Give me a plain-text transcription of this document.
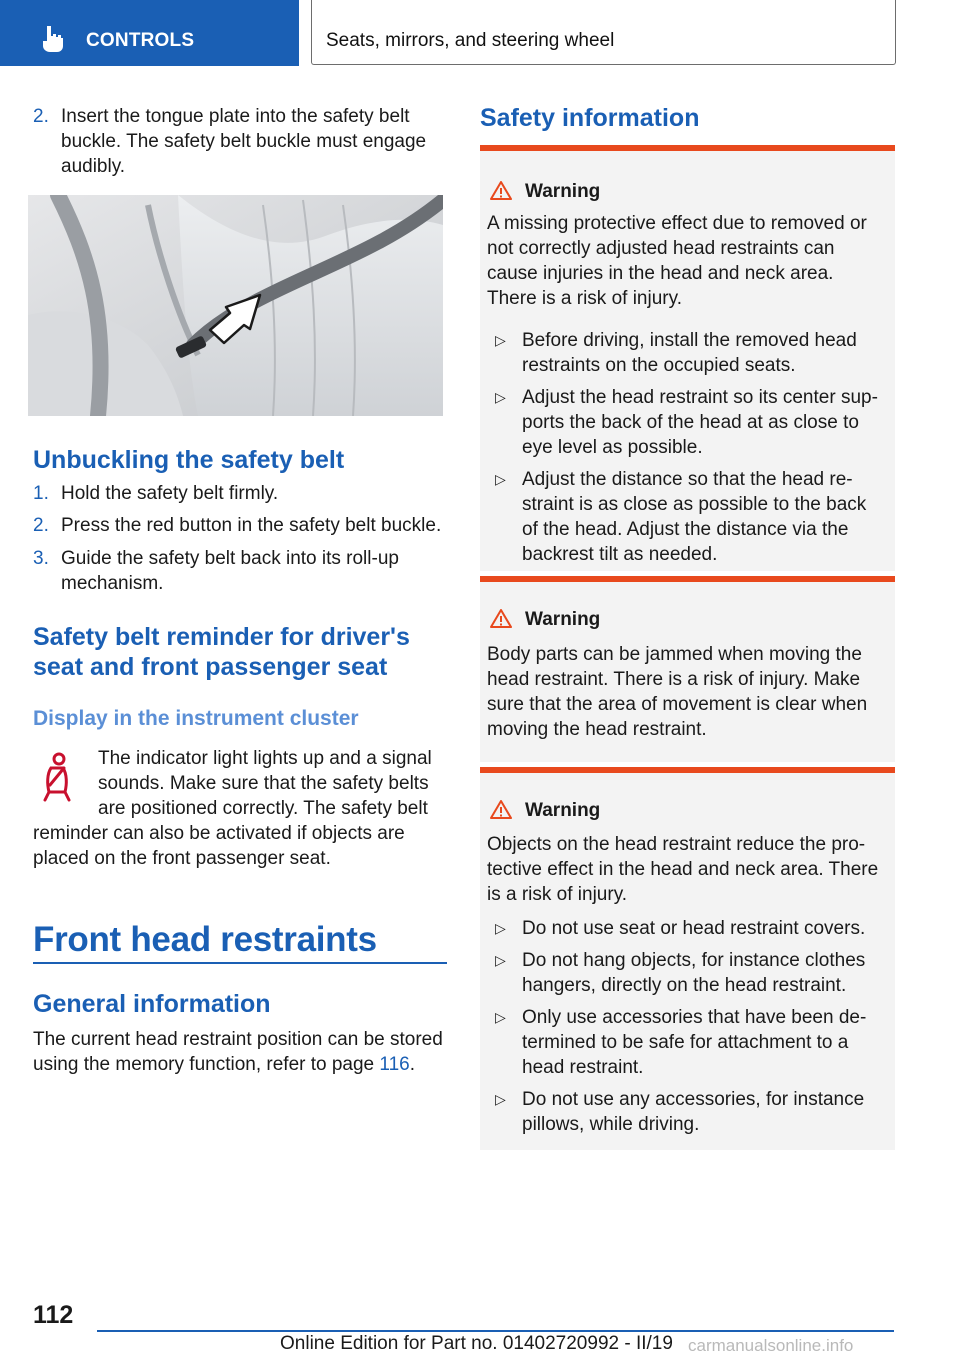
CONTROLS	Seats, mirrors, and steering wheel
2. Insert the tongue plate into the safety belt buckle. The safety belt buckle must engage audibly.
Unbuckling the safety belt
1. Hold the safety belt firmly.
2. Press the red button in the safety belt buckle.
3. Guide the safety belt back into its roll-up mechanism.
Safety belt reminder for driver's seat and front passenger seat
Display in the instrument cluster
The indicator light lights up and a signal sounds. Make sure that the safety belts are positioned correctly. The safety belt
reminder can also be activated if objects are placed on the front passenger seat.
Front head restraints
General information
The current head restraint position can be stored using the memory function, refer to page 116.
Safety information
Warning
A missing protective effect due to removed or not correctly adjusted head restraints can cause injuries in the head and neck area. There is a risk of injury.
▷ Before driving, install the removed head restraints on the occupied seats.
▷ Adjust the head restraint so its center supports the back of the head at as close to eye level as possible.
▷ Adjust the distance so that the head restraint is as close as possible to the back of the head. Adjust the distance via the backrest tilt as needed.
Warning
Body parts can be jammed when moving the head restraint. There is a risk of injury. Make sure that the area of movement is clear when moving the head restraint.
Warning
Objects on the head restraint reduce the protective effect in the head and neck area. There is a risk of injury.
▷ Do not use seat or head restraint covers.
▷ Do not hang objects, for instance clothes hangers, directly on the head restraint.
▷ Only use accessories that have been determined to be safe for attachment to a head restraint.
▷ Do not use any accessories, for instance pillows, while driving.
112
Online Edition for Part no. 01402720992 - II/19 carmanualsonline.info
